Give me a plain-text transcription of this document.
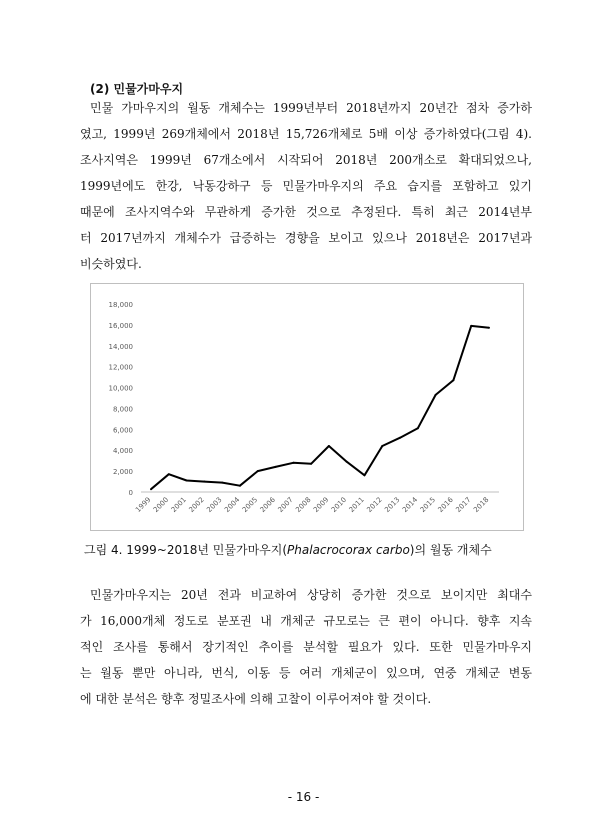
(2) 민물가마우지
민물 가마우지의 월동 개체수는 1999년부터 2018년까지 20년간 점차 증가하
였고, 1999년 269개체에서 2018년 15,726개체로 5배 이상 증가하였다(그림 4).
조사지역은 1999년 67개소에서 시작되어 2018년 200개소로 확대되었으나,
1999년에도 한강, 낙동강하구 등 민물가마우지의 주요 습지를 포함하고 있기
때문에 조사지역수와 무관하게 증가한 것으로 추정된다. 특히 최근 2014년부
터 2017년까지 개체수가 급증하는 경향을 보이고 있으나 2018년은 2017년과
비슷하였다.
0
2,000
4,000
6,000
8,000
10,000
12,000
14,000
16,000
18,000
1999 2000 2001 2002 2003 2004 2005 2006 2007 2008 2009 2010 2011 2012 2013 2014 2015 2016 2017 2018
그림 4. 1999~2018년 민물가마우지(Phalacrocorax carbo)의 월동 개체수
민물가마우지는 20년 전과 비교하여 상당히 증가한 것으로 보이지만 최대수
가 16,000개체 정도로 분포권 내 개체군 규모로는 큰 편이 아니다. 향후 지속
적인 조사를 통해서 장기적인 추이를 분석할 필요가 있다. 또한 민물가마우지
는 월동 뿐만 아니라, 번식, 이동 등 여러 개체군이 있으며, 연중 개체군 변동
에 대한 분석은 향후 정밀조사에 의해 고찰이 이루어져야 할 것이다.
- 16 -
